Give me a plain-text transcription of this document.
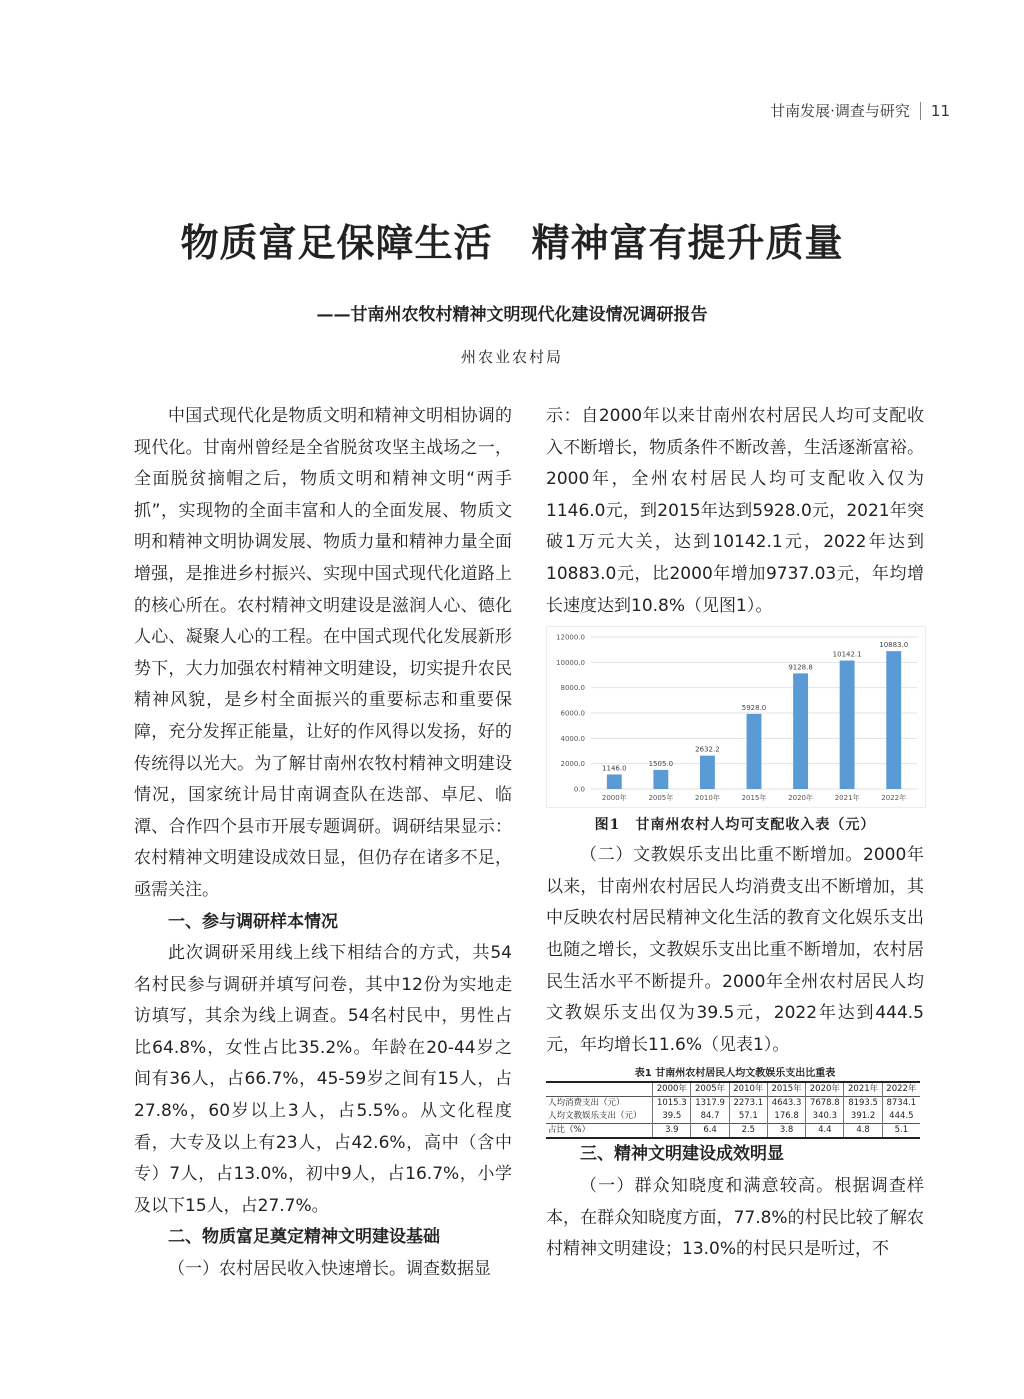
甘南发展·调查与研究 11
物质富足保障生活　精神富有提升质量
——甘南州农牧村精神文明现代化建设情况调研报告
州农业农村局

中国式现代化是物质文明和精神文明相协调的现代化。甘南州曾经是全省脱贫攻坚主战场之一，全面脱贫摘帽之后，物质文明和精神文明“两手抓”，实现物的全面丰富和人的全面发展、物质文明和精神文明协调发展、物质力量和精神力量全面增强，是推进乡村振兴、实现中国式现代化道路上的核心所在。农村精神文明建设是滋润人心、德化人心、凝聚人心的工程。在中国式现代化发展新形势下，大力加强农村精神文明建设，切实提升农民精神风貌，是乡村全面振兴的重要标志和重要保障，充分发挥正能量，让好的作风得以发扬，好的传统得以光大。为了解甘南州农牧村精神文明建设情况，国家统计局甘南调查队在迭部、卓尼、临潭、合作四个县市开展专题调研。调研结果显示：农村精神文明建设成效日显，但仍存在诸多不足，亟需关注。

一、参与调研样本情况

此次调研采用线上线下相结合的方式，共54名村民参与调研并填写问卷，其中12份为实地走访填写，其余为线上调查。54名村民中，男性占比64.8%，女性占比35.2%。年龄在20-44岁之间有36人，占66.7%，45-59岁之间有15人，占27.8%，60岁以上3人，占5.5%。从文化程度看，大专及以上有23人，占42.6%，高中（含中专）7人，占13.0%，初中9人，占16.7%，小学及以下15人，占27.7%。

二、物质富足奠定精神文明建设基础

（一）农村居民收入快速增长。调查数据显

示：自2000年以来甘南州农村居民人均可支配收入不断增长，物质条件不断改善，生活逐渐富裕。2000年，全州农村居民人均可支配收入仅为1146.0元，到2015年达到5928.0元，2021年突破1万元大关，达到10142.1元，2022年达到10883.0元，比2000年增加9737.03元，年均增长速度达到10.8%（见图1）。

0.0
2000.0
4000.0
6000.0
8000.0
10000.0
12000.0
1146.0
2000年
1505.0
2005年
2632.2
2010年
5928.0
2015年
9128.8
2020年
10142.1
2021年
10883.0
2022年
图1　甘南州农村人均可支配收入表（元）

（二）文教娱乐支出比重不断增加。2000年以来，甘南州农村居民人均消费支出不断增加，其中反映农村居民精神文化生活的教育文化娱乐支出也随之增长，文教娱乐支出比重不断增加，农村居民生活水平不断提升。2000年全州农村居民人均文教娱乐支出仅为39.5元，2022年达到444.5元，年均增长11.6%（见表1）。

表1 甘南州农村居民人均文教娱乐支出比重表
	2000年	2005年	2010年	2015年	2020年	2021年	2022年
人均消费支出（元）	1015.3	1317.9	2273.1	4643.3	7678.8	8193.5	8734.1
人均文教娱乐支出（元）	39.5	84.7	57.1	176.8	340.3	391.2	444.5
占比（%）	3.9	6.4	2.5	3.8	4.4	4.8	5.1
三、精神文明建设成效明显

（一）群众知晓度和满意较高。根据调查样本，在群众知晓度方面，77.8%的村民比较了解农村精神文明建设；13.0%的村民只是听过，不
